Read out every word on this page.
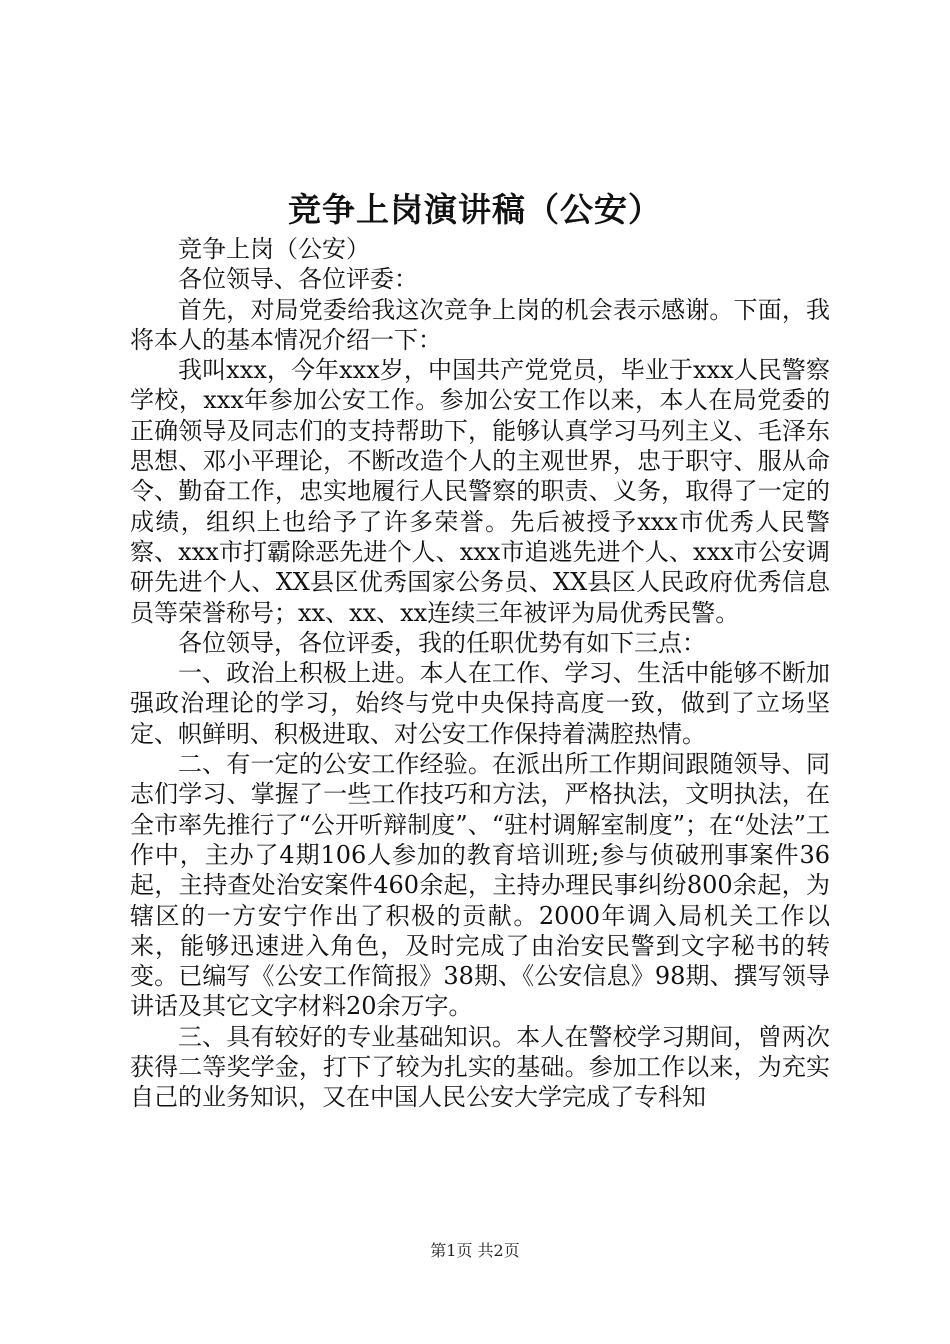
竞争上岗演讲稿（公安）

竞争上岗（公安）

各位领导、各位评委：

首先，对局党委给我这次竞争上岗的机会表示感谢。下面，我将本人的基本情况介绍一下：

我叫xxx，今年xxx岁，中国共产党党员，毕业于xxx人民警察学校，xxx年参加公安工作。参加公安工作以来，本人在局党委的正确领导及同志们的支持帮助下，能够认真学习马列主义、毛泽东思想、邓小平理论，不断改造个人的主观世界，忠于职守、服从命令、勤奋工作，忠实地履行人民警察的职责、义务，取得了一定的成绩，组织上也给予了许多荣誉。先后被授予xxx市优秀人民警察、xxx市打霸除恶先进个人、xxx市追逃先进个人、xxx市公安调研先进个人、XX县区优秀国家公务员、XX县区人民政府优秀信息员等荣誉称号；xx、xx、xx连续三年被评为局优秀民警。

各位领导，各位评委，我的任职优势有如下三点：

一、政治上积极上进。本人在工作、学习、生活中能够不断加强政治理论的学习，始终与党中央保持高度一致，做到了立场坚定、帜鲜明、积极进取、对公安工作保持着满腔热情。

二、有一定的公安工作经验。在派出所工作期间跟随领导、同志们学习、掌握了一些工作技巧和方法，严格执法，文明执法，在全市率先推行了“公开听辩制度”、“驻村调解室制度”；在“处法”工作中，主办了4期106人参加的教育培训班;参与侦破刑事案件36起，主持查处治安案件460余起，主持办理民事纠纷800余起，为辖区的一方安宁作出了积极的贡献。2000年调入局机关工作以来，能够迅速进入角色，及时完成了由治安民警到文字秘书的转变。已编写《公安工作简报》38期、《公安信息》98期、撰写领导讲话及其它文字材料20余万字。

三、具有较好的专业基础知识。本人在警校学习期间，曾两次获得二等奖学金，打下了较为扎实的基础。参加工作以来，为充实自己的业务知识，又在中国人民公安大学完成了专科知

第1页 共2页
